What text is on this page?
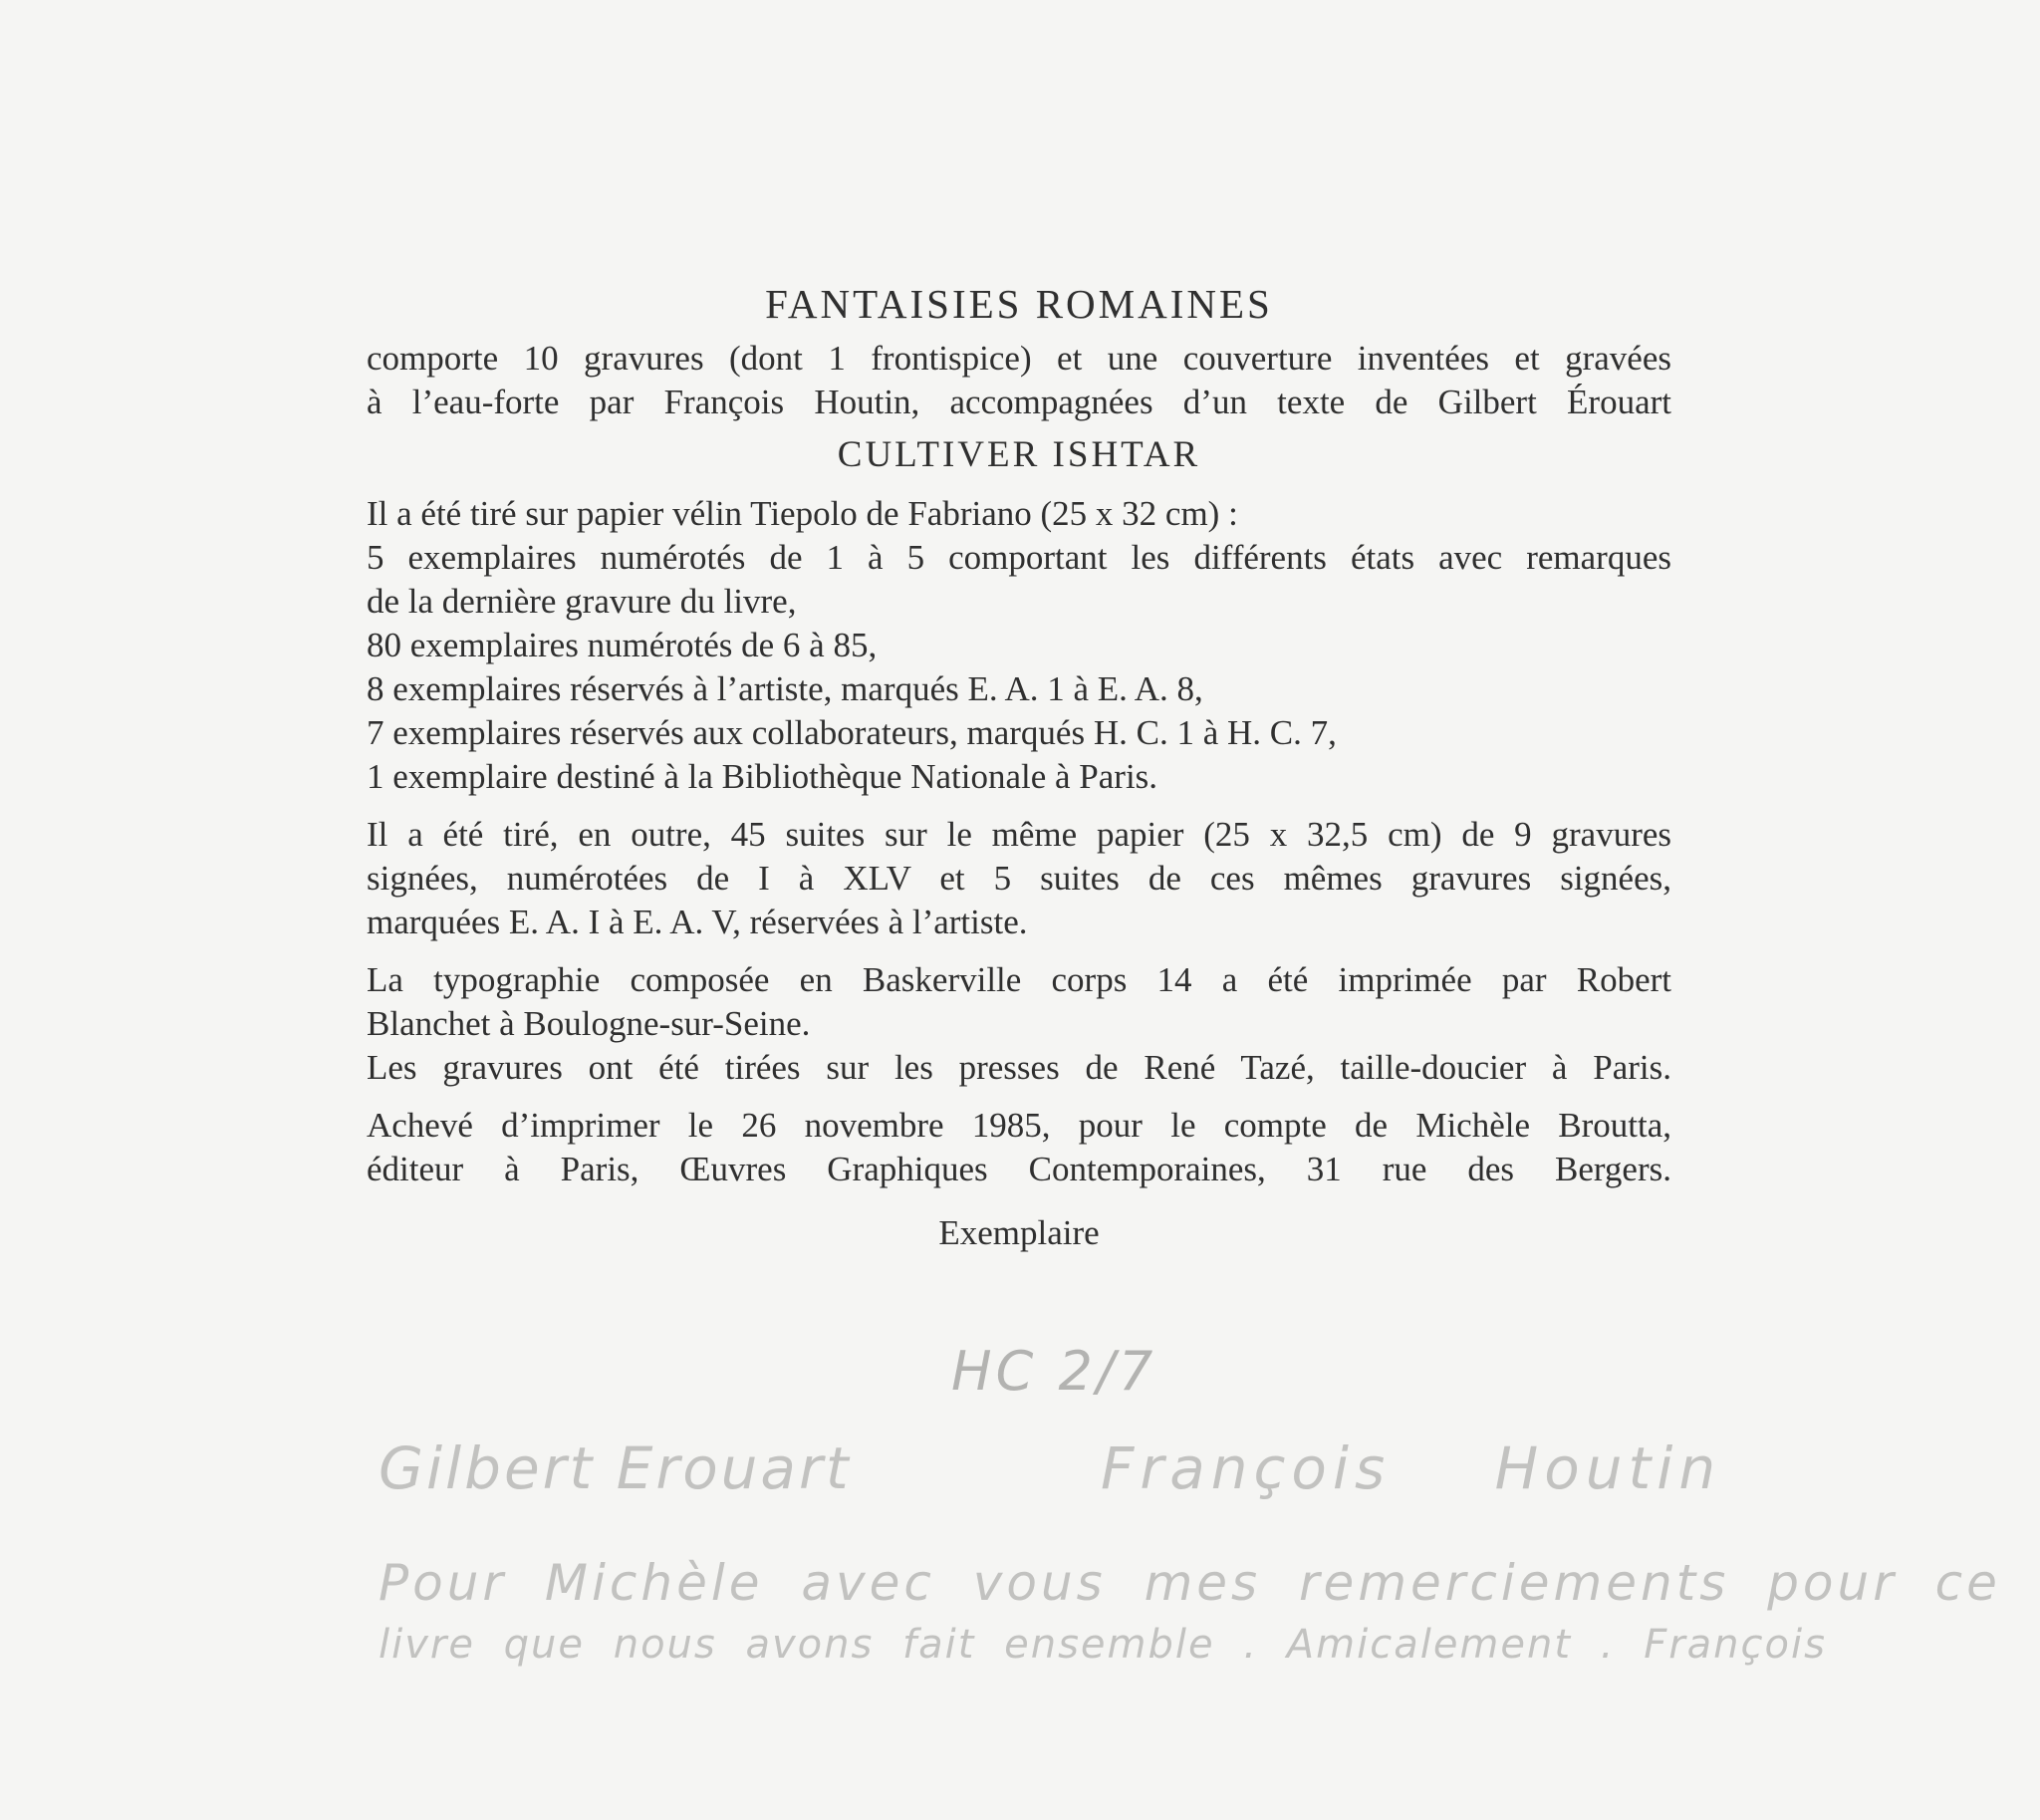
FANTAISIES ROMAINES

comporte 10 gravures (dont 1 frontispice) et une couverture inventées et gravées
à l’eau-forte par François Houtin, accompagnées d’un texte de Gilbert Érouart

CULTIVER ISHTAR

Il a été tiré sur papier vélin Tiepolo de Fabriano (25 x 32 cm) :
5 exemplaires numérotés de 1 à 5 comportant les différents états avec remarques
de la dernière gravure du livre,
80 exemplaires numérotés de 6 à 85,
8 exemplaires réservés à l’artiste, marqués E. A. 1 à E. A. 8,
7 exemplaires réservés aux collaborateurs, marqués H. C. 1 à H. C. 7,
1 exemplaire destiné à la Bibliothèque Nationale à Paris.
Il a été tiré, en outre, 45 suites sur le même papier (25 x 32,5 cm) de 9 gravures
signées, numérotées de I à XLV et 5 suites de ces mêmes gravures signées,
marquées E. A. I à E. A. V, réservées à l’artiste.
La typographie composée en Baskerville corps 14 a été imprimée par Robert
Blanchet à Boulogne-sur-Seine.
Les gravures ont été tirées sur les presses de René Tazé, taille-doucier à Paris.
Achevé d’imprimer le 26 novembre 1985, pour le compte de Michèle Broutta,
éditeur à Paris, Œuvres Graphiques Contemporaines, 31 rue des Bergers.
Exemplaire
HC 2/7
Gilbert Erouart	François Houtin
Pour Michèle avec vous mes remerciements pour ce
livre que nous avons fait ensemble . Amicalement . François
